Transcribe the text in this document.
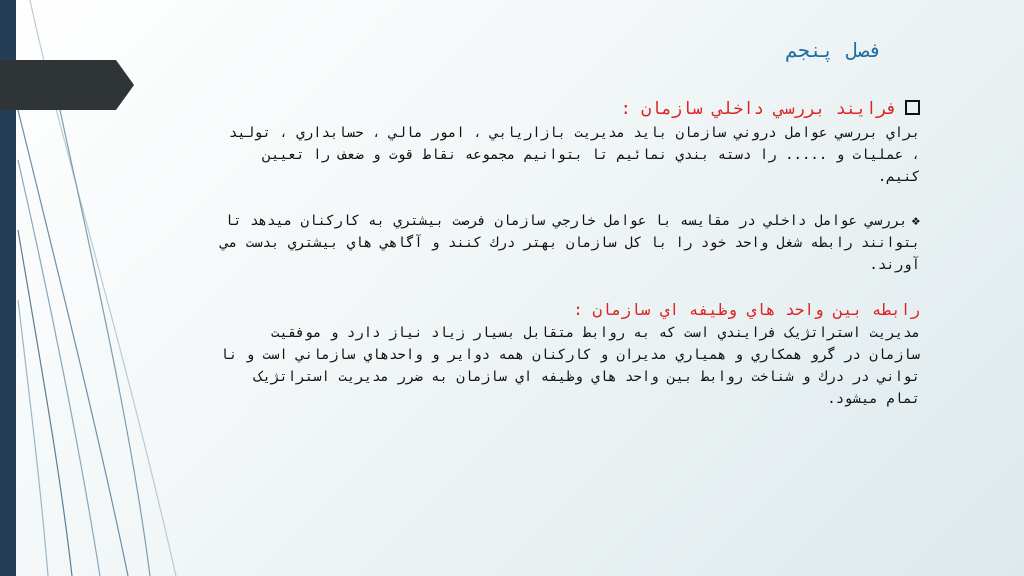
فصل پنجم
فرايند بررسي داخلي سازمان :

براي بررسي عوامل دروني سازمان بايد مديريت بازاريابي ، امور مالي ، حسابداري ، توليد ، عمليات و ..... را دسته بندي نمائيم تا بتوانيم مجموعه نقاط قوت و ضعف را تعيين كنيم.

❖بررسي عوامل داخلي در مقايسه با عوامل خارجي سازمان فرصت بيشتري به كاركنان ميدهد تا بتوانند رابطه شغل واحد خود را با كل سازمان بهتر درك كنند و آگاهي هاي بيشتري بدست مي آورند.

رابطه بين واحد هاي وظيفه اي سازمان :

مديريت استراتژيک فرايندي است که به روابط متقابل بسيار زياد نياز دارد و موفقيت سازمان در گرو همكاري و همياري مديران و كاركنان همه دواير و واحدهاي سازماني است و نا تواني در درك و شناخت روابط بين واحد هاي وظيفه اي سازمان به ضرر مديريت استراتژيک تمام ميشود.
